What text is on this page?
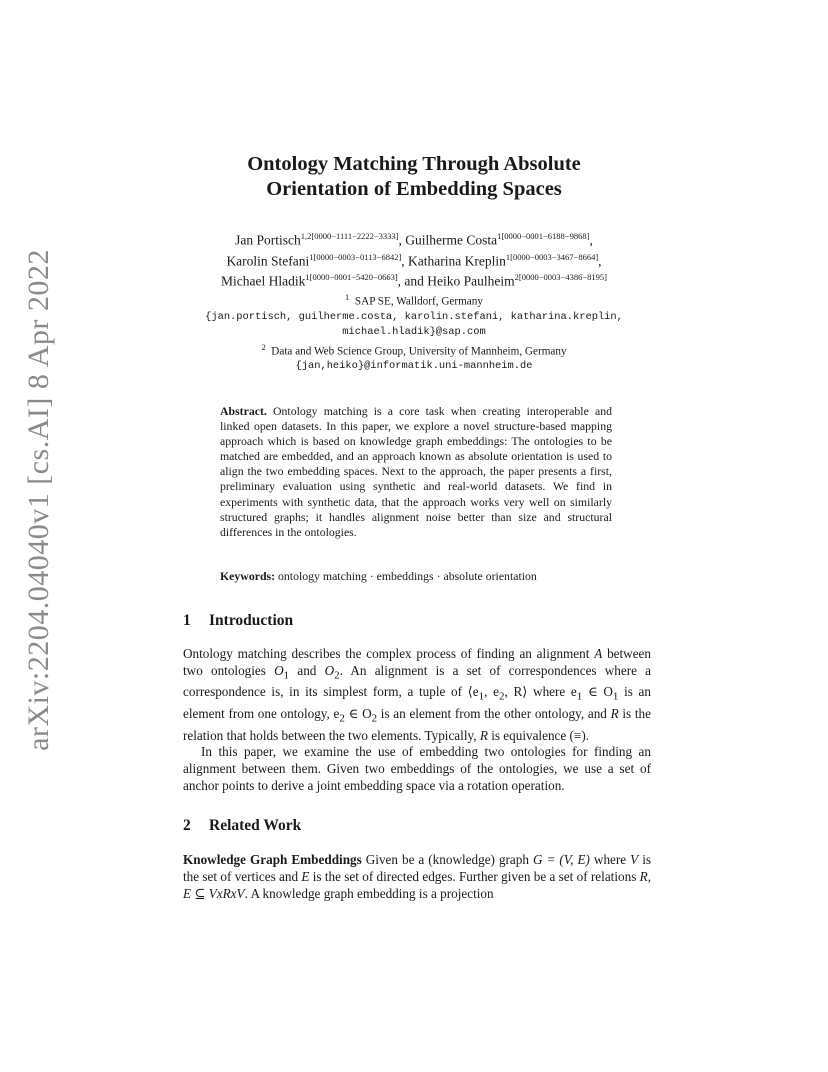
arXiv:2204.04040v1 [cs.AI] 8 Apr 2022
Ontology Matching Through Absolute
Orientation of Embedding Spaces
Jan Portisch$^{1,2[0000-1111-2222-3333]}$, Guilherme Costa$^{1[0000-0001-6188-9868]}$,
Karolin Stefani$^{1[0000-0003-0113-6842]}$, Katharina Kreplin$^{1[0000-0003-3467-8664]}$,
Michael Hladik$^{1[0000-0001-5420-0663]}$, and Heiko Paulheim$^{2[0000-0003-4386-8195]}$
$^1$ SAP SE, Walldorf, Germany
{jan.portisch, guilherme.costa, karolin.stefani, katharina.kreplin,
michael.hladik}@sap.com
$^2$ Data and Web Science Group, University of Mannheim, Germany
{jan,heiko}@informatik.uni-mannheim.de
Abstract. Ontology matching is a core task when creating interoperable and linked open datasets. In this paper, we explore a novel structure-based mapping approach which is based on knowledge graph embeddings: The ontologies to be matched are embedded, and an approach known as absolute orientation is used to align the two embedding spaces. Next to the approach, the paper presents a first, preliminary evaluation using synthetic and real-world datasets. We find in experiments with synthetic data, that the approach works very well on similarly structured graphs; it handles alignment noise better than size and structural differences in the ontologies.
Keywords: ontology matching · embeddings · absolute orientation
1 Introduction

Ontology matching describes the complex process of finding an alignment A between two ontologies $O_1$ and $O_2$. An alignment is a set of correspondences where a correspondence is, in its simplest form, a tuple of $⟨e_1$, $e_2$, R⟩ where $e_1$ ∈ $O_1$ is an element from one ontology, $e_2$ ∈ $O_2$ is an element from the other ontology, and R is the relation that holds between the two elements. Typically, R is equivalence (≡).

In this paper, we examine the use of embedding two ontologies for finding an alignment between them. Given two embeddings of the ontologies, we use a set of anchor points to derive a joint embedding space via a rotation operation.

2 Related Work

Knowledge Graph Embeddings Given be a (knowledge) graph G = (V, E) where V is the set of vertices and E is the set of directed edges. Further given be a set of relations R, E ⊆ VxRxV. A knowledge graph embedding is a projection
